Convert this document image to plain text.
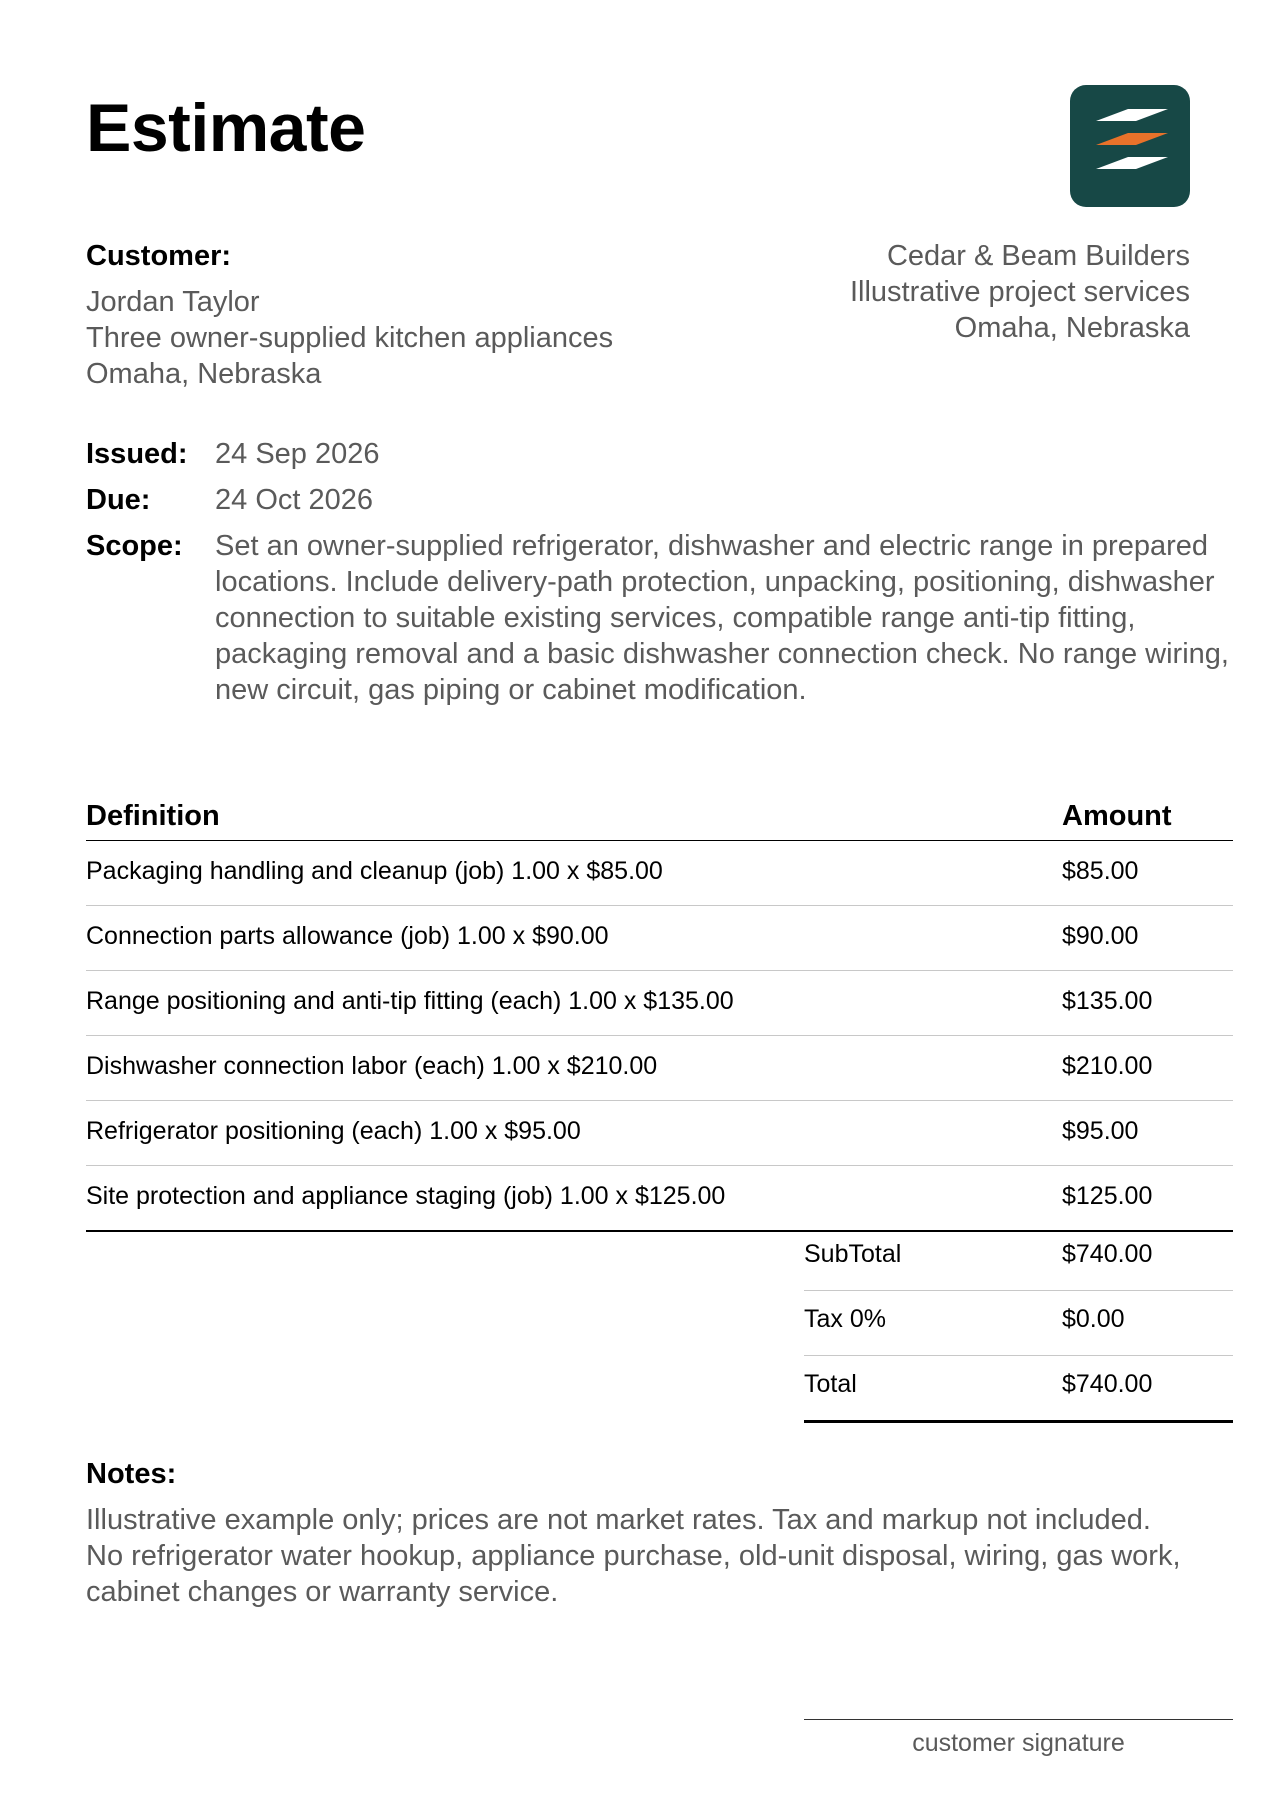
Estimate
Customer:
Jordan Taylor
Three owner-supplied kitchen appliances
Omaha, Nebraska
Cedar & Beam Builders
Illustrative project services
Omaha, Nebraska
Issued: 24 Sep 2026
Due: 24 Oct 2026
Scope: Set an owner-supplied refrigerator, dishwasher and electric range in prepared locations. Include delivery-path protection, unpacking, positioning, dishwasher connection to suitable existing services, compatible range anti-tip fitting, packaging removal and a basic dishwasher connection check. No range wiring, new circuit, gas piping or cabinet modification.
Definition	Amount
Packaging handling and cleanup (job) 1.00 x $85.00	$85.00
Connection parts allowance (job) 1.00 x $90.00	$90.00
Range positioning and anti-tip fitting (each) 1.00 x $135.00	$135.00
Dishwasher connection labor (each) 1.00 x $210.00	$210.00
Refrigerator positioning (each) 1.00 x $95.00	$95.00
Site protection and appliance staging (job) 1.00 x $125.00	$125.00
SubTotal	$740.00
Tax 0%	$0.00
Total	$740.00
Notes:
Illustrative example only; prices are not market rates. Tax and markup not included. No refrigerator water hookup, appliance purchase, old-unit disposal, wiring, gas work, cabinet changes or warranty service.
customer signature
